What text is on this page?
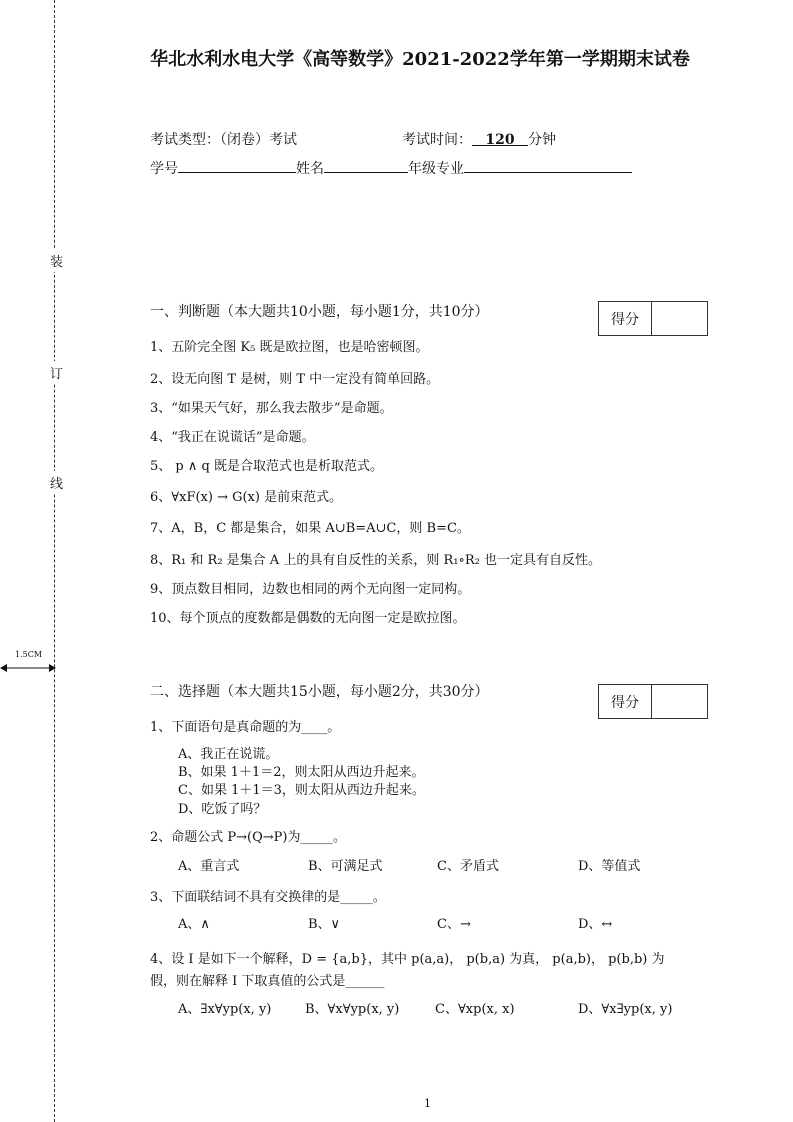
装
订
线
1.5CM
华北水利水电大学《高等数学》2021-2022学年第一学期期末试卷
考试类型：（闭卷）考试	考试时间： 120 分钟
学号	姓名	年级专业
一、判断题（本大题共10小题，每小题1分，共10分）	得分
1、五阶完全图 K₅ 既是欧拉图，也是哈密顿图。
2、设无向图 T 是树，则 T 中一定没有简单回路。
3、“如果天气好，那么我去散步”是命题。
4、“我正在说谎话”是命题。
5、 p ∧ q 既是合取范式也是析取范式。
6、∀xF(x) → G(x) 是前束范式。
7、A，B，C 都是集合，如果 A∪B=A∪C，则 B=C。
8、R₁ 和 R₂ 是集合 A 上的具有自反性的关系，则 R₁∘R₂ 也一定具有自反性。
9、顶点数目相同，边数也相同的两个无向图一定同构。
10、每个顶点的度数都是偶数的无向图一定是欧拉图。
二、选择题（本大题共15小题，每小题2分，共30分）
得分
1、下面语句是真命题的为____。
A、我正在说谎。
B、如果 1＋1＝2，则太阳从西边升起来。
C、如果 1＋1＝3，则太阳从西边升起来。
D、吃饭了吗？
2、命题公式 P→(Q→P)为_____。
A、重言式	B、可满足式	C、矛盾式	D、等值式
3、下面联结词不具有交换律的是_____。
A、∧	B、∨	C、→	D、↔
4、设 I 是如下一个解释，D = {a,b}，其中 p(a,a)， p(b,a) 为真， p(a,b)， p(b,b) 为
假，则在解释 I 下取真值的公式是______
A、∃x∀yp(x, y)	B、∀x∀yp(x, y)	C、∀xp(x, x)	D、∀x∃yp(x, y)
1
